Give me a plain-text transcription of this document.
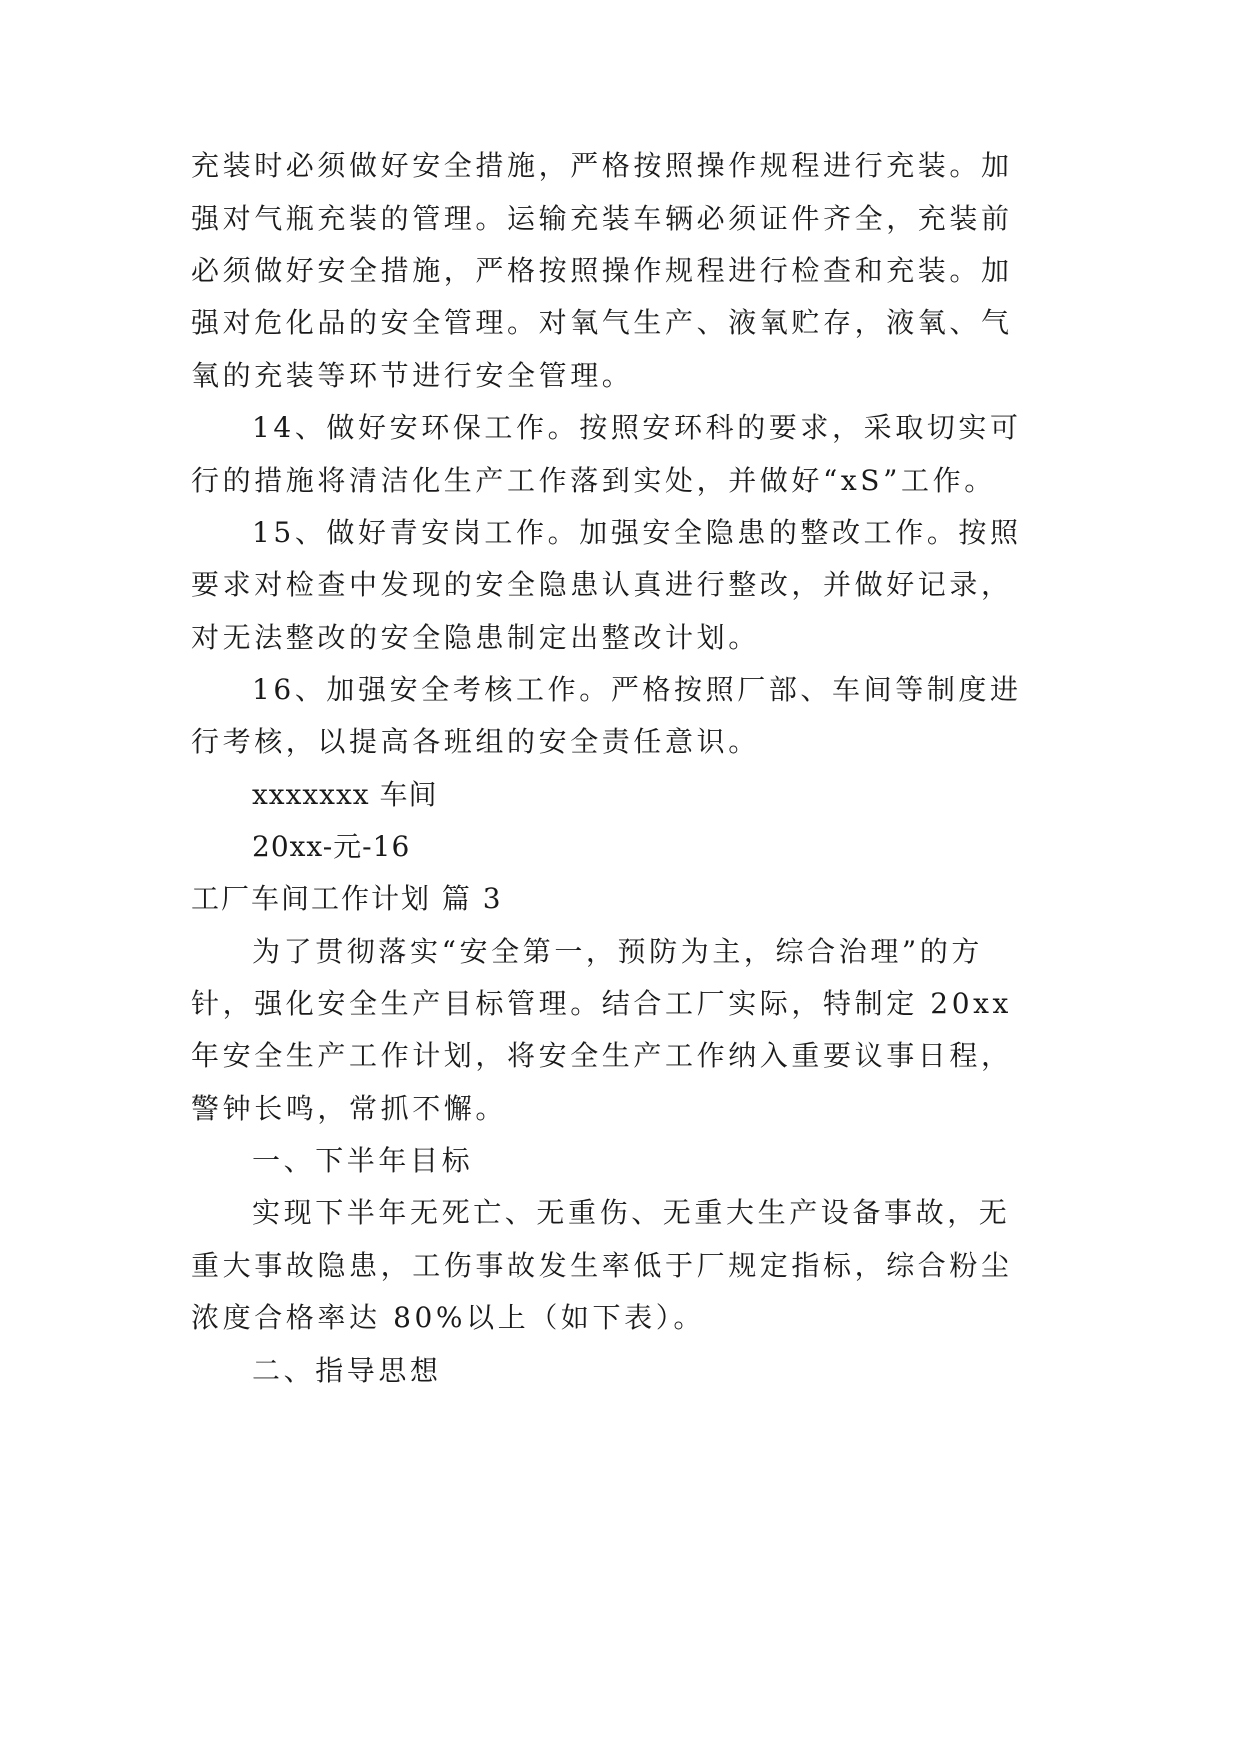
充装时必须做好安全措施，严格按照操作规程进行充装。加
强对气瓶充装的管理。运输充装车辆必须证件齐全，充装前
必须做好安全措施，严格按照操作规程进行检查和充装。加
强对危化品的安全管理。对氧气生产、液氧贮存，液氧、气
氧的充装等环节进行安全管理。
14、做好安环保工作。按照安环科的要求，采取切实可
行的措施将清洁化生产工作落到实处，并做好“xS”工作。
15、做好青安岗工作。加强安全隐患的整改工作。按照
要求对检查中发现的安全隐患认真进行整改，并做好记录，
对无法整改的安全隐患制定出整改计划。
16、加强安全考核工作。严格按照厂部、车间等制度进
行考核，以提高各班组的安全责任意识。
xxxxxxx 车间
20xx-元-16
工厂车间工作计划 篇 3
为了贯彻落实“安全第一，预防为主，综合治理”的方
针，强化安全生产目标管理。结合工厂实际，特制定 20xx
年安全生产工作计划，将安全生产工作纳入重要议事日程，
警钟长鸣，常抓不懈。
一、下半年目标
实现下半年无死亡、无重伤、无重大生产设备事故，无
重大事故隐患，工伤事故发生率低于厂规定指标，综合粉尘
浓度合格率达 80%以上（如下表）。
二、指导思想
